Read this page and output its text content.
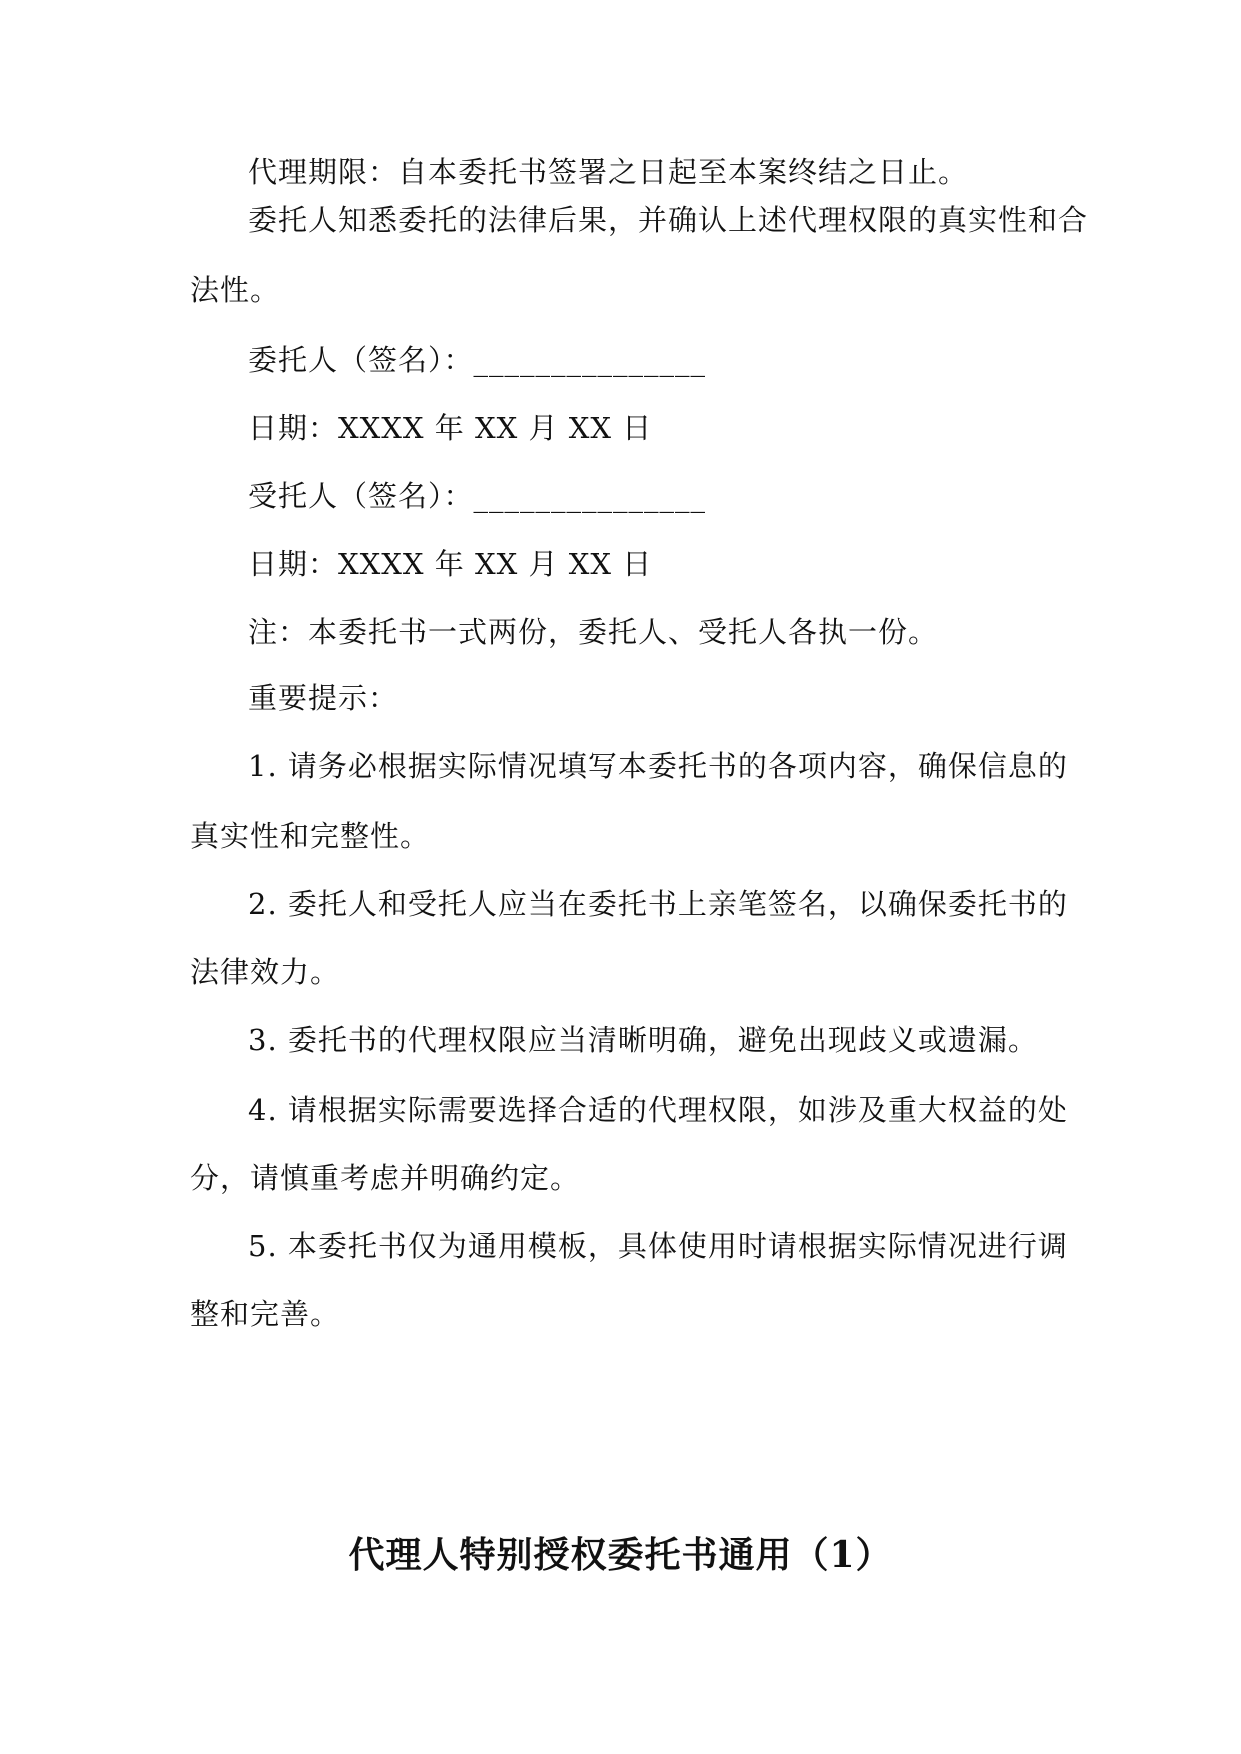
代理期限：自本委托书签署之日起至本案终结之日止。
委托人知悉委托的法律后果，并确认上述代理权限的真实性和合
法性。
委托人（签名）：_______________
日期：XXXX 年 XX 月 XX 日
受托人（签名）：_______________
日期：XXXX 年 XX 月 XX 日
注：本委托书一式两份，委托人、受托人各执一份。
重要提示：
1. 请务必根据实际情况填写本委托书的各项内容，确保信息的
真实性和完整性。
2. 委托人和受托人应当在委托书上亲笔签名，以确保委托书的
法律效力。
3. 委托书的代理权限应当清晰明确，避免出现歧义或遗漏。
4. 请根据实际需要选择合适的代理权限，如涉及重大权益的处
分，请慎重考虑并明确约定。
5. 本委托书仅为通用模板，具体使用时请根据实际情况进行调
整和完善。
代理人特别授权委托书通用（1）
